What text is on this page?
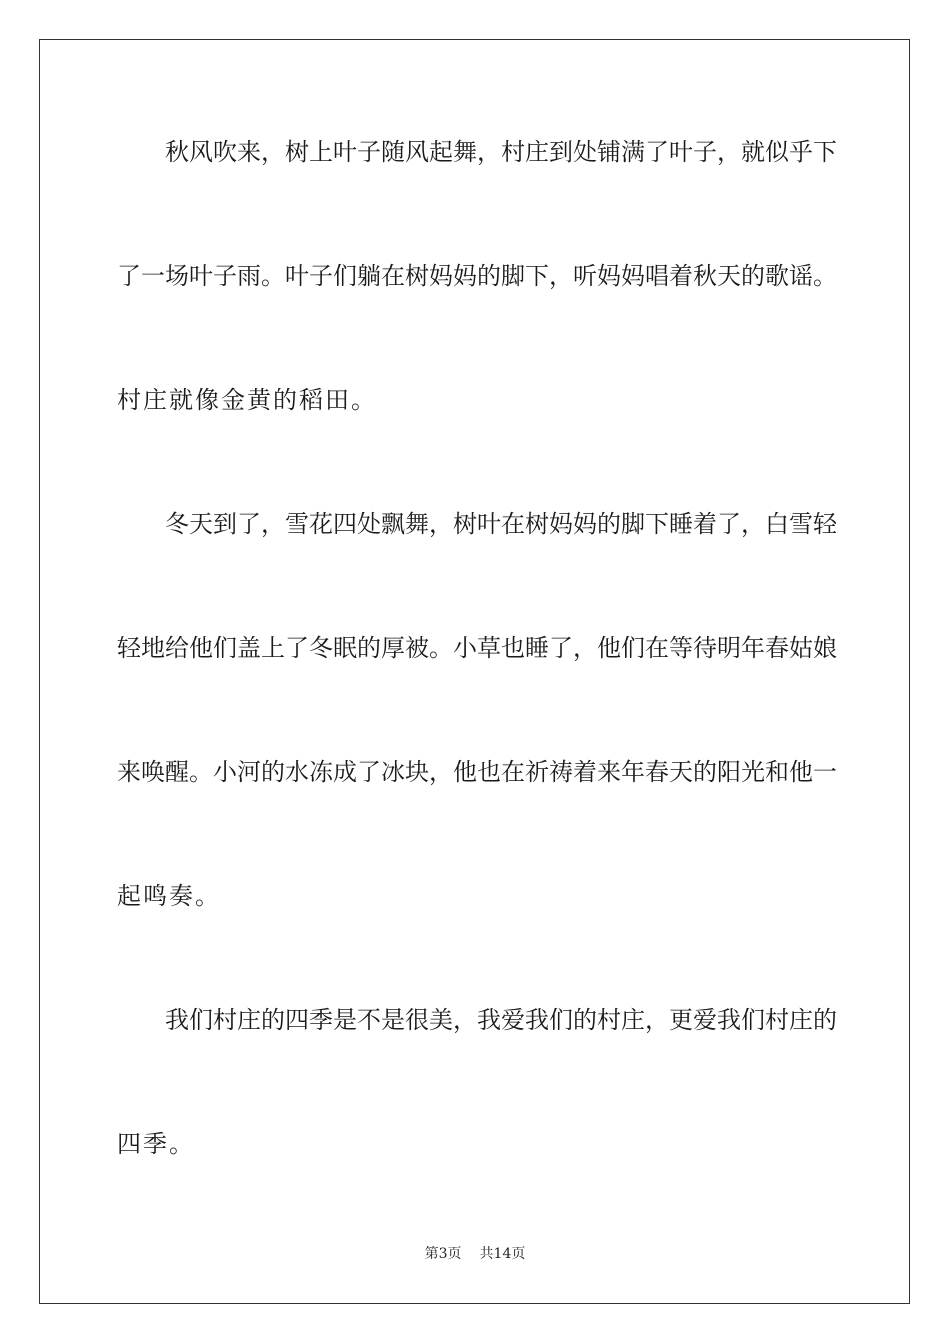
秋风吹来，树上叶子随风起舞，村庄到处铺满了叶子，就似乎下
了一场叶子雨。叶子们躺在树妈妈的脚下，听妈妈唱着秋天的歌谣。
村庄就像金黄的稻田。
冬天到了，雪花四处飘舞，树叶在树妈妈的脚下睡着了，白雪轻
轻地给他们盖上了冬眠的厚被。小草也睡了，他们在等待明年春姑娘
来唤醒。小河的水冻成了冰块，他也在祈祷着来年春天的阳光和他一
起鸣奏。
我们村庄的四季是不是很美，我爱我们的村庄，更爱我们村庄的
四季。
第3页 共14页
